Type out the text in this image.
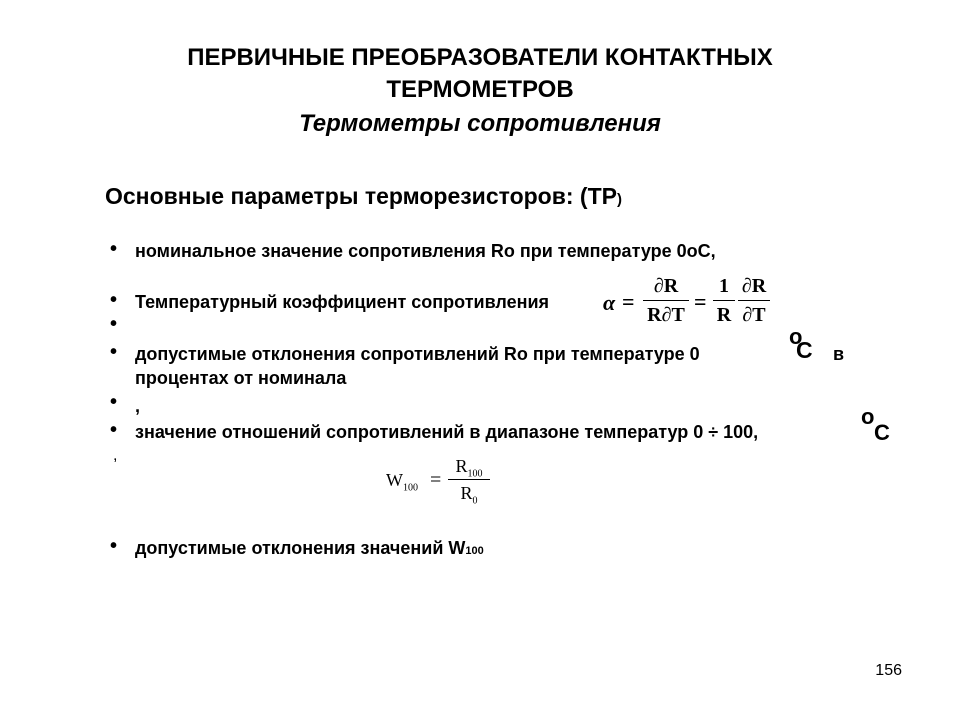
ПЕРВИЧНЫЕ ПРЕОБРАЗОВАТЕЛИ КОНТАКТНЫХ
ТЕРМОМЕТРОВ
Термометры сопротивления
Основные параметры терморезисторов: (ТР)
• номинальное значение сопротивления Ro при температуре 0oC,
• Температурный коэффициент сопротивления α =
∂R
R∂T
=
1
R
∂R
∂T
•
• допустимые отклонения сопротивлений Ro при температуре 0
o
C в
процентах от номинала
• ,
• значение отношений сопротивлений в диапазоне температур 0 ÷ 100,
o
C
,
$W_{100}$ =
$R_{100}$
$R_0$
• допустимые отклонения значений W100
156
